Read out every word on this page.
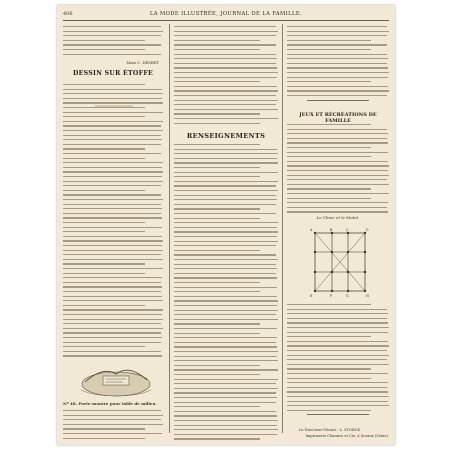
406	LA MODE ILLUSTRÉE, JOURNAL DE LA FAMILLE.
Mme C. DESBET
DESSIN SUR ÉTOFFE
Nº 48. Porte-montre pour table de milieu.
RENSEIGNEMENTS
JEUX ET RÉCRÉATIONS DE FAMILLE
Le Chien et le Mulet.
A	B	C	D
E	F	G	H
Le Directeur-Gérant : L. STORCK
Imprimerie Charaire et Cie, à Sceaux (Seine).
